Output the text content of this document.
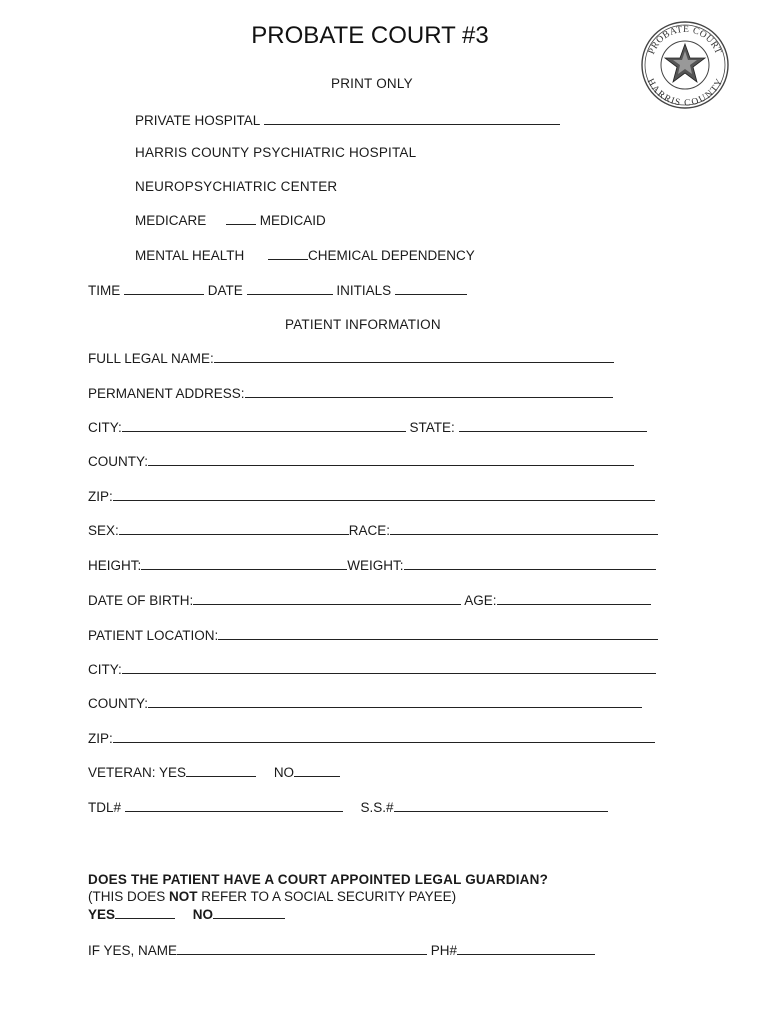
PROBATE COURT #3
PROBATE COURT
HARRIS COUNTY
PRINT ONLY
PRIVATE HOSPITAL
HARRIS COUNTY PSYCHIATRIC HOSPITAL
NEUROPSYCHIATRIC CENTER
MEDICARE	MEDICAID
MENTAL HEALTH	CHEMICAL DEPENDENCY
TIME	DATE	INITIALS
PATIENT INFORMATION
FULL LEGAL NAME:
PERMANENT ADDRESS:
CITY:	STATE:
COUNTY:
ZIP:
SEX:	RACE:
HEIGHT:	WEIGHT:
DATE OF BIRTH:	AGE:
PATIENT LOCATION:
CITY:
COUNTY:
ZIP:
VETERAN: YES	NO
TDL#	S.S.#
DOES THE PATIENT HAVE A COURT APPOINTED LEGAL GUARDIAN?
(THIS DOES NOT REFER TO A SOCIAL SECURITY PAYEE)
YES	NO
IF YES, NAME	PH#
